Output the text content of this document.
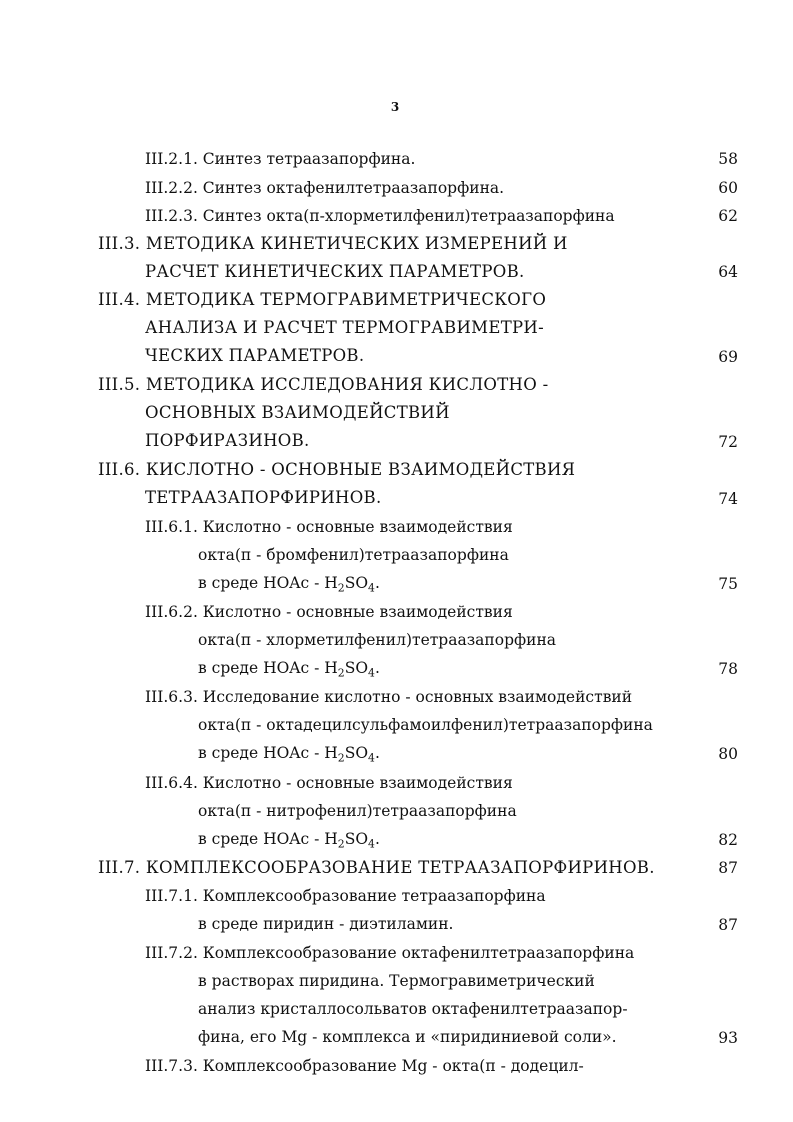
3
III.2.1. Синтез тетраазапорфина.	58
III.2.2. Синтез октафенилтетраазапорфина.	60
III.2.3. Синтез окта(п-хлорметилфенил)тетраазапорфина	62
III.3. МЕТОДИКА КИНЕТИЧЕСКИХ ИЗМЕРЕНИЙ И
РАСЧЕТ КИНЕТИЧЕСКИХ ПАРАМЕТРОВ.	64
III.4. МЕТОДИКА ТЕРМОГРАВИМЕТРИЧЕСКОГО
АНАЛИЗА И РАСЧЕТ ТЕРМОГРАВИМЕТРИ-
ЧЕСКИХ ПАРАМЕТРОВ.	69
III.5. МЕТОДИКА ИССЛЕДОВАНИЯ КИСЛОТНО -
ОСНОВНЫХ ВЗАИМОДЕЙСТВИЙ
ПОРФИРАЗИНОВ.	72
III.6. КИСЛОТНО - ОСНОВНЫЕ ВЗАИМОДЕЙСТВИЯ
ТЕТРААЗАПОРФИРИНОВ.	74
III.6.1. Кислотно - основные взаимодействия
окта(п - бромфенил)тетраазапорфина
в среде HOAc - $H_2SO_4$.	75
III.6.2. Кислотно - основные взаимодействия
окта(п - хлорметилфенил)тетраазапорфина
в среде HOAc - $H_2SO_4$.	78
III.6.3. Исследование кислотно - основных взаимодействий
окта(п - октадецилсульфамоилфенил)тетраазапорфина
в среде HOAc - $H_2SO_4$.	80
III.6.4. Кислотно - основные взаимодействия
окта(п - нитрофенил)тетраазапорфина
в среде HOAc - $H_2SO_4$.	82
III.7. КОМПЛЕКСООБРАЗОВАНИЕ ТЕТРААЗАПОРФИРИНОВ.	87
III.7.1. Комплексообразование тетраазапорфина
в среде пиридин - диэтиламин.	87
III.7.2. Комплексообразование октафенилтетраазапорфина
в растворах пиридина. Термогравиметрический
анализ кристаллосольватов октафенилтетраазапор-
фина, его Mg - комплекса и «пиридиниевой соли».	93
III.7.3. Комплексообразование Mg - окта(п - додецил-
